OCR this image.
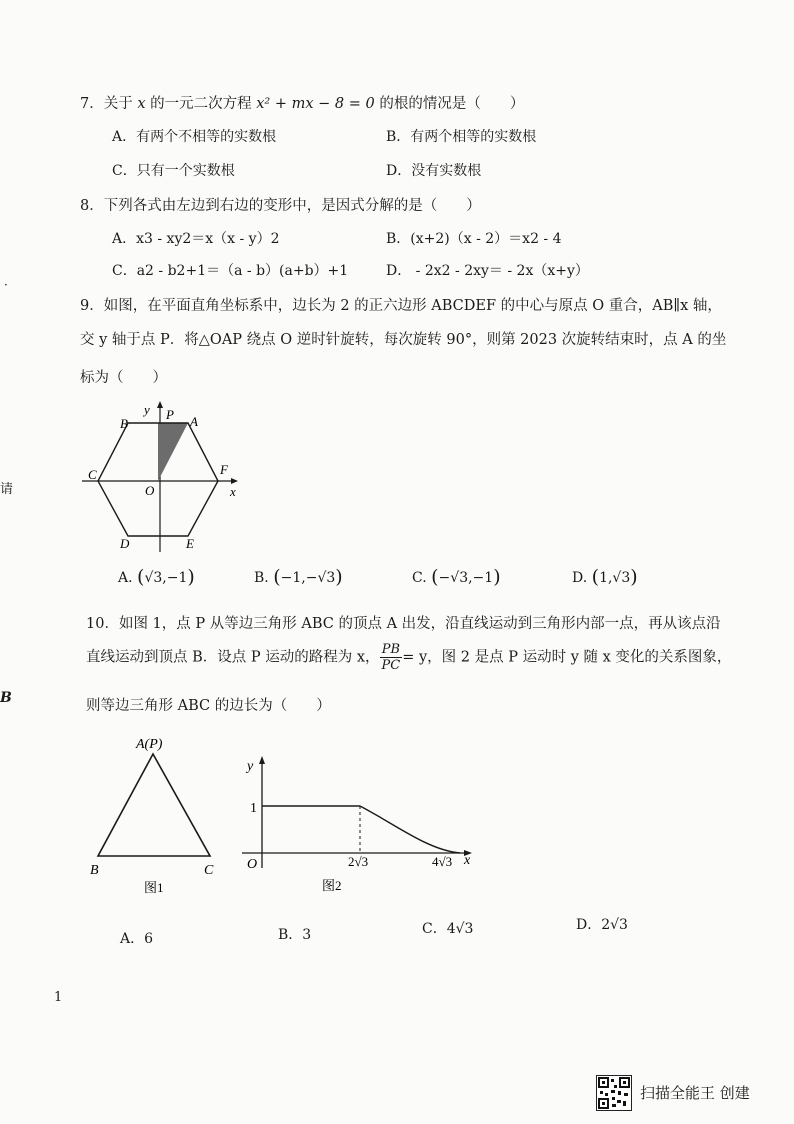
7．关于 x 的一元二次方程 x² + mx − 8 = 0 的根的情况是（　　）
A．有两个不相等的实数根	B．有两个相等的实数根
C．只有一个实数根	D．没有实数根
8．下列各式由左边到右边的变形中，是因式分解的是（　　）
A．x3 - xy2＝x（x - y）2	B．(x+2)（x - 2）＝x2 - 4
C．a2 - b2+1＝（a - b）(a+b）+1	D． - 2x2 - 2xy＝ - 2x（x+y）
9．如图，在平面直角坐标系中，边长为 2 的正六边形 ABCDEF 的中心与原点 O 重合，AB∥x 轴，
交 y 轴于点 P．将△OAP 绕点 O 逆时针旋转，每次旋转 90°，则第 2023 次旋转结束时，点 A 的坐
标为（　　）
y
B
P A
C	F
O	x
D	E
A. (√3,−1)	B. (−1,−√3)	C. (−√3,−1)	D. (1,√3)
10．如图 1，点 P 从等边三角形 ABC 的顶点 A 出发，沿直线运动到三角形内部一点，再从该点沿
直线运动到顶点 B．设点 P 运动的路程为 x， $\frac{PB}{PC} = y$，图 2 是点 P 运动时 y 随 x 变化的关系图象，
则等边三角形 ABC 的边长为（　　）
A(P)
B	C
图1
y
1
O	2√3	4√3 x
图2
A．6	B．3	C．4√3	D．2√3
1
请
B
·
扫描全能王 创建
